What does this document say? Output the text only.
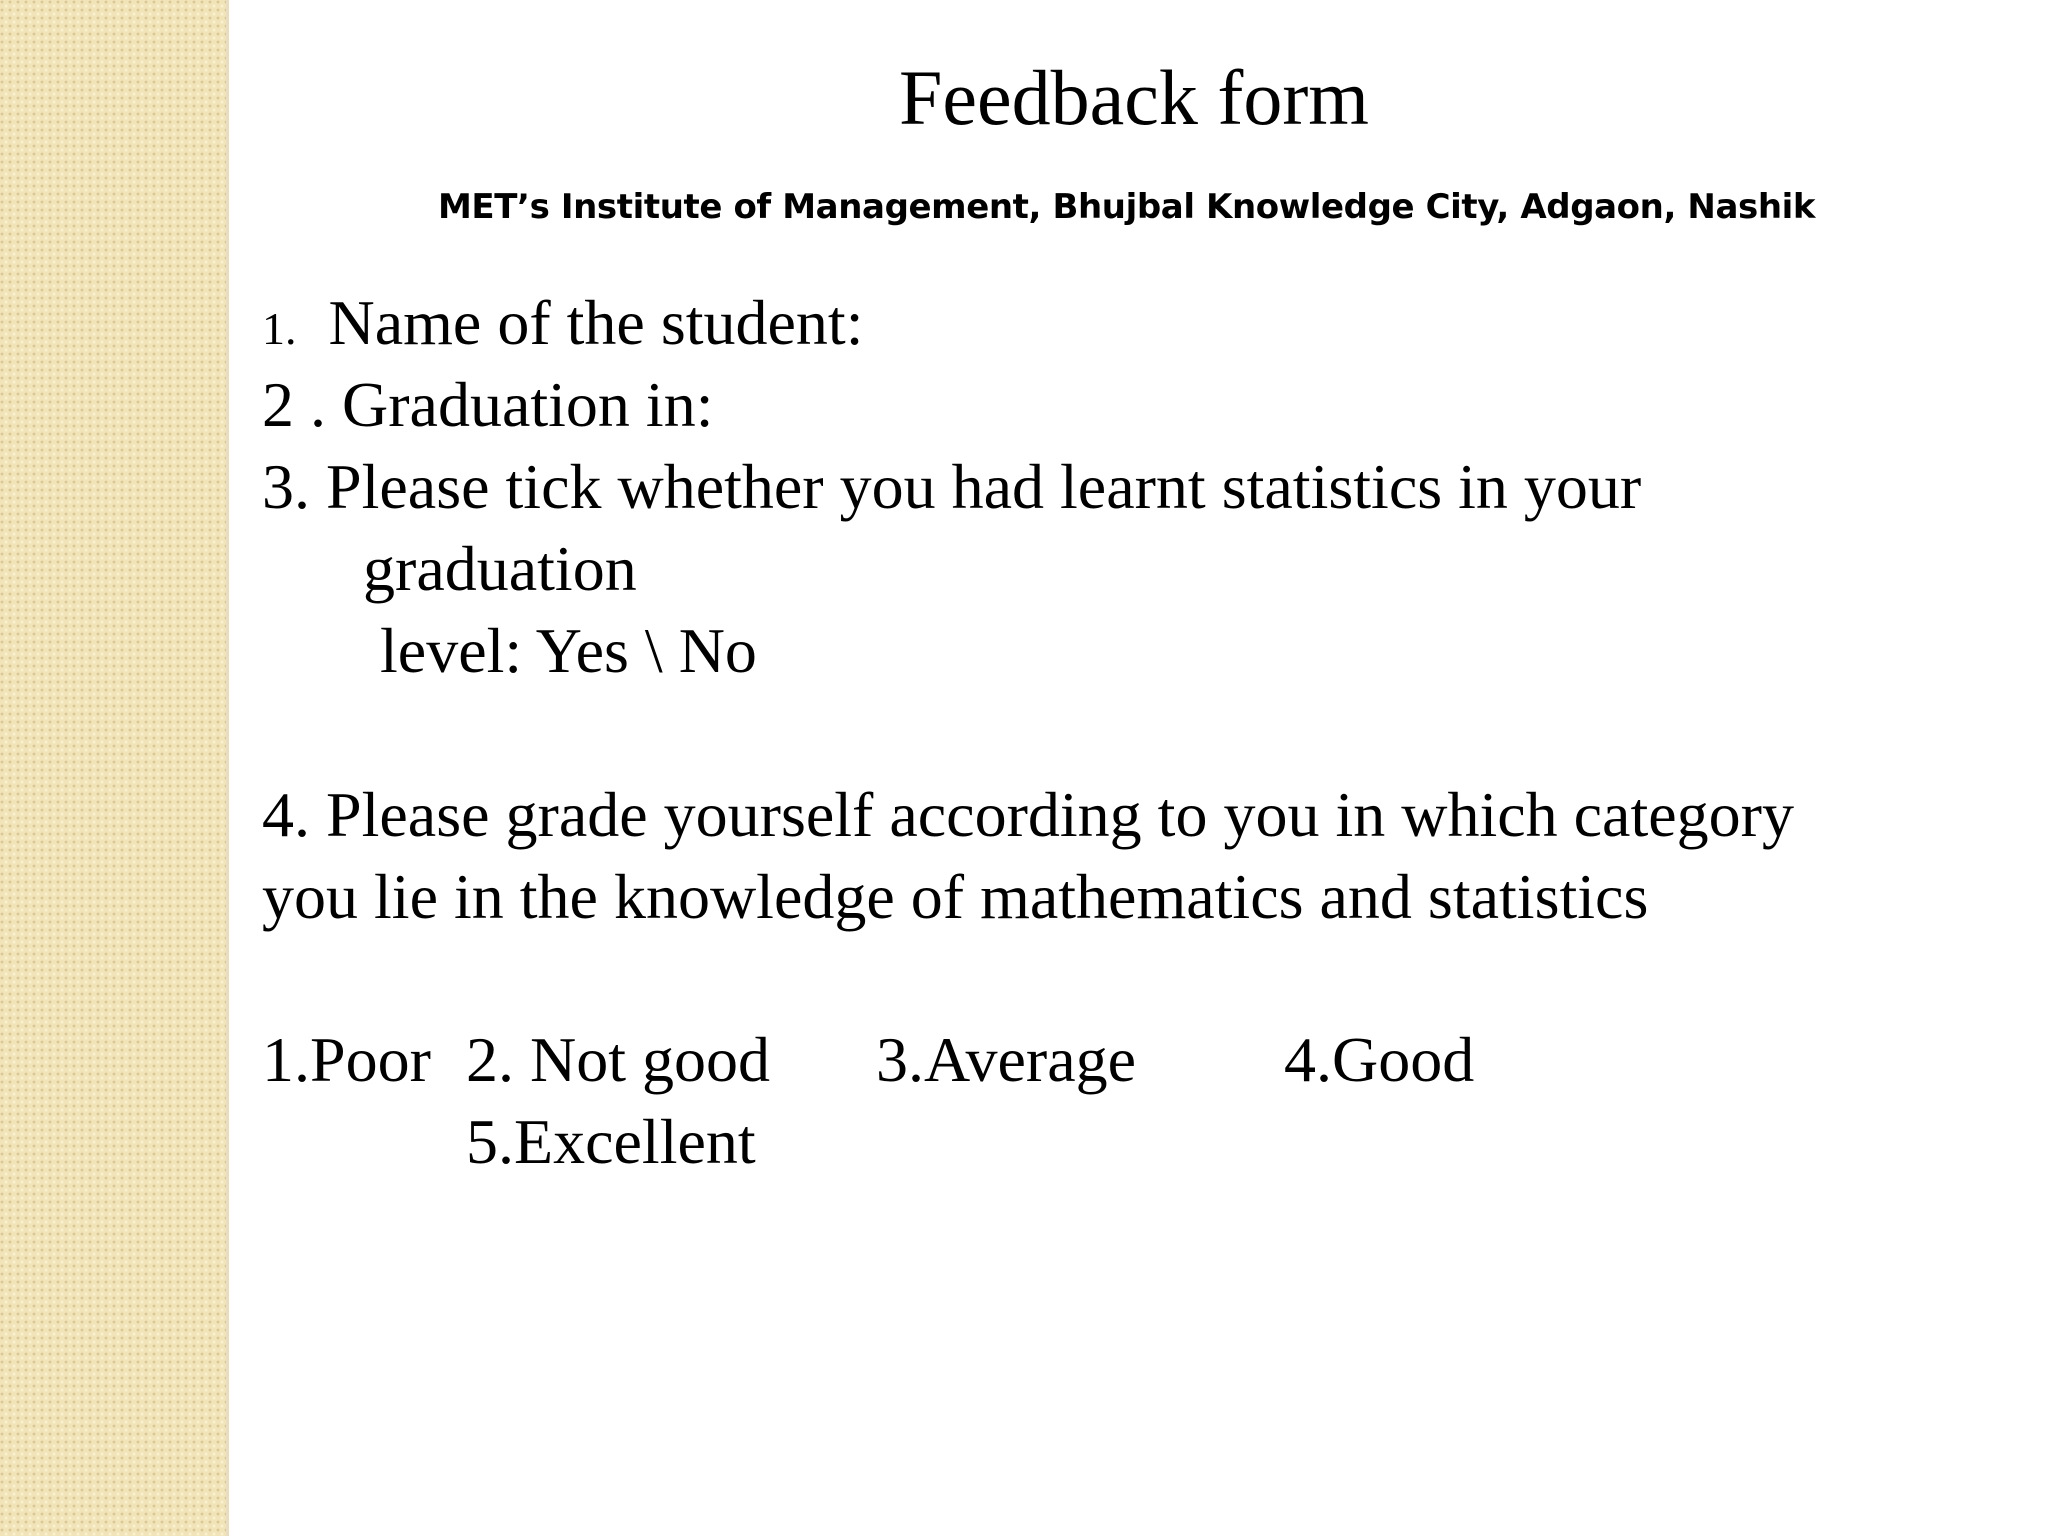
Feedback form
MET’s Institute of Management, Bhujbal Knowledge City, Adgaon, Nashik
1. Name of the student:
2 . Graduation in:
3. Please tick whether you had learnt statistics in your
graduation
level: Yes \ No
4. Please grade yourself according to you in which category
you lie in the knowledge of mathematics and statistics
1.Poor 2. Not good 3.Average 4.Good
5.Excellent
